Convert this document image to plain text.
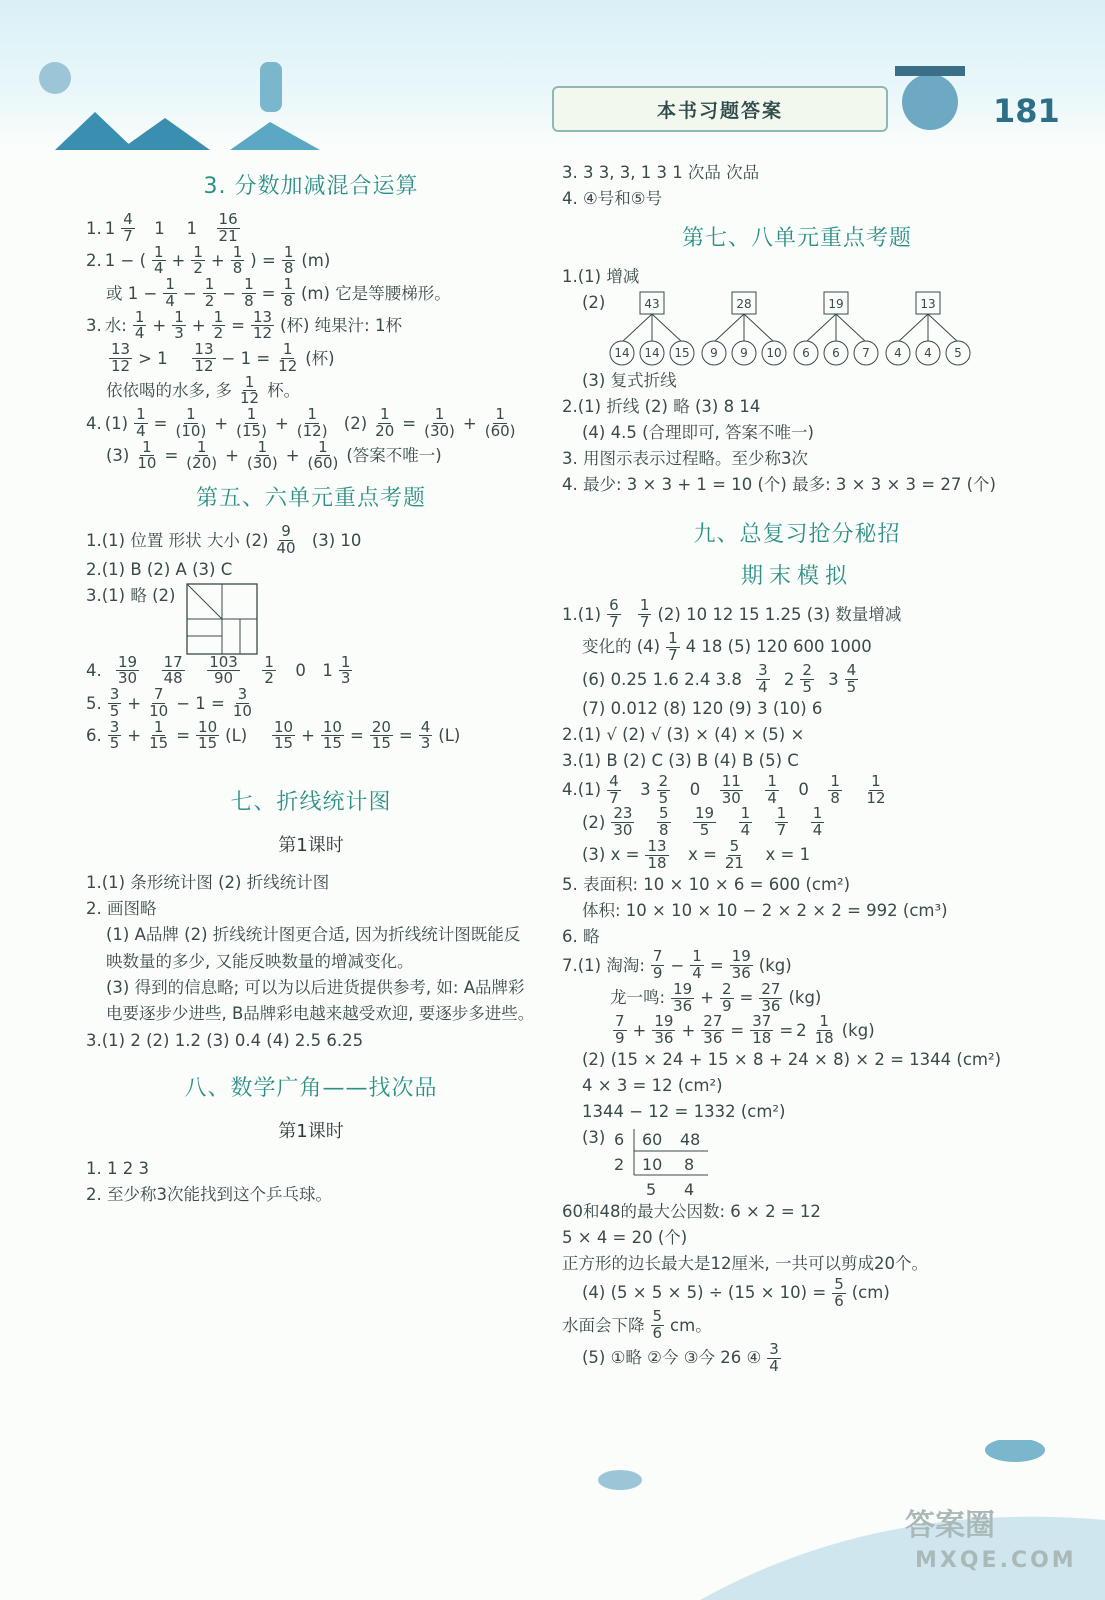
本书习题答案	181
3. 分数加减混合运算
1. $1 \frac{4}{7}$
1
1
$\frac{16}{21}$
2. 1 − ( $\frac{1}{4} + \frac{1}{2} + \frac{1}{8}$ ) = $\frac{1}{8} (m)$
或 $1 - \frac{1}{4} - \frac{1}{2} - \frac{1}{8} = \frac{1}{8} (m)$ 它是等腰梯形。
3. 水: $\frac{1}{4} + \frac{1}{3} + \frac{1}{2} = \frac{13}{12}$ (杯) 纯果汁: 1杯
$\frac{13}{12} > 1$
$\frac{13}{12} - 1 = \frac{1}{12}$ (杯)
依依喝的水多, 多 $\frac{1}{12}$ 杯。
4. $(1) \frac{1}{4} = \frac{1}{(10)} + \frac{1}{(15)} + \frac{1}{(12)}$
$(2) \frac{1}{20} = \frac{1}{(30)} + \frac{1}{(60)}$
$(3) \frac{1}{10} = \frac{1}{(20)} + \frac{1}{(30)} + \frac{1}{(60)}$ (答案不唯一)
第五、六单元重点考题
1.(1) 位置 形状 大小 $(2) \frac{9}{40}$
(3) 10
2.(1) B (2) A (3) C
3.(1) 略 (2)
4.
$\frac{19}{30}$
$\frac{17}{48}$
$\frac{103}{90}$
$\frac{1}{2}$
0
$1 \frac{1}{3}$
5. $\frac{3}{5} + \frac{7}{10} - 1 = \frac{3}{10}$
6. $\frac{3}{5} + \frac{1}{15} = \frac{10}{15} (L)$
$\frac{10}{15} + \frac{10}{15} = \frac{20}{15} = \frac{4}{3} (L)$
七、折线统计图
第1课时
1.(1) 条形统计图 (2) 折线统计图
2. 画图略
(1) A品牌 (2) 折线统计图更合适, 因为折线统计图既能反映数量的多少, 又能反映数量的增减变化。
(3) 得到的信息略; 可以为以后进货提供参考, 如: A品牌彩电要逐步少进些, B品牌彩电越来越受欢迎, 要逐步多进些。
3.(1) 2 (2) 1.2 (3) 0.4 (4) 2.5 6.25
八、数学广角——找次品
第1课时
1. 1 2 3
2. 至少称3次能找到这个乒乓球。
3. 3 3, 3, 1 3 1 次品 次品
4. ④号和⑤号
第七、八单元重点考题
1.(1) 增减
(2)	43
14 14 15
28
9 9 10
19
6 6 7
13
4 4 5
(3) 复式折线
2.(1) 折线 (2) 略 (3) 8 14
(4) 4.5 (合理即可, 答案不唯一)
3. 用图示表示过程略。至少称3次
4. 最少: 3 × 3 + 1 = 10 (个) 最多: 3 × 3 × 3 = 27 (个)
九、总复习抢分秘招
期末模拟
$1.(1) \frac{6}{7}$
$\frac{1}{7} (2)$ 10 12 15 1.25 (3) 数量增减
变化的 $(4) \frac{1}{7} 4$ 18 (5) 120 600 1000
(6) 0.25 1.6 2.4 3.8
$\frac{3}{4}$
$2 \frac{2}{5}$
$3 \frac{4}{5}$
(7) 0.012 (8) 120 (9) 3 (10) 6
2.(1) √ (2) √ (3) × (4) × (5) ×
3.(1) B (2) C (3) B (4) B (5) C
$4.(1) \frac{4}{7}$
$3 \frac{2}{5}$
0
$\frac{11}{30}$
$\frac{1}{4}$
0
$\frac{1}{8}$
$\frac{1}{12}$
$(2) \frac{23}{30}$
$\frac{5}{8}$
$\frac{19}{5}$
$\frac{1}{4}$
$\frac{1}{7}$
$\frac{1}{4}$
(3) $x = \frac{13}{18}$
$x = \frac{5}{21}$
x = 1
5. 表面积: 10 × 10 × 6 = 600 (cm²)
体积: 10 × 10 × 10 − 2 × 2 × 2 = 992 (cm³)
6. 略
7.(1) 淘淘: $\frac{7}{9} - \frac{1}{4} = \frac{19}{36} (kg)$
龙一鸣: $\frac{19}{36} + \frac{2}{9} = \frac{27}{36} (kg)$
$\frac{7}{9} + \frac{19}{36} + \frac{27}{36} = \frac{37}{18} = 2 \frac{1}{18} (kg)$
(2) (15 × 24 + 15 × 8 + 24 × 8) × 2 = 1344 (cm²)
4 × 3 = 12 (cm²)
1344 − 12 = 1332 (cm²)
(3) 6 60 48
2 10 8
5 4
60和48的最大公因数: 6 × 2 = 12
5 × 4 = 20 (个)
正方形的边长最大是12厘米, 一共可以剪成20个。
(4) $(5 \times 5 \times 5) \div (15 \times 10) = \frac{5}{6} (cm)$
水面会下降 $\frac{5}{6}$ cm。
(5) ①略 ②今 ③今 26 ④ $\frac{3}{4}$
答案圈
MXQE.COM
